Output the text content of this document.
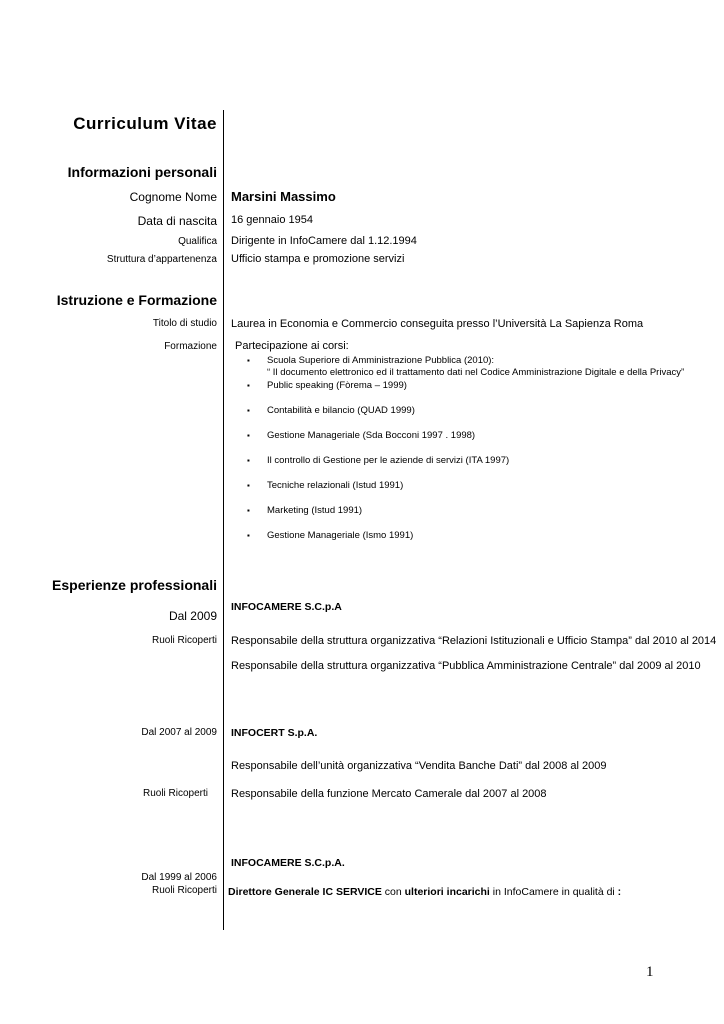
Curriculum Vitae
Informazioni personali
Cognome Nome Marsini Massimo
Data di nascita 16 gennaio 1954
Qualifica Dirigente in InfoCamere dal 1.12.1994
Struttura d’appartenenza Ufficio stampa e promozione servizi
Istruzione e Formazione
Titolo di studio Laurea in Economia e Commercio conseguita presso l’Università La Sapienza Roma
Formazione Partecipazione ai corsi:
▪ Scuola Superiore di Amministrazione Pubblica (2010):
“ Il documento elettronico ed il trattamento dati nel Codice Amministrazione Digitale e della Privacy”
▪ Public speaking (Fòrema – 1999)
▪ Contabilità e bilancio (QUAD 1999)
▪ Gestione Manageriale (Sda Bocconi 1997 . 1998)
▪ Il controllo di Gestione per le aziende di servizi (ITA 1997)
▪ Tecniche relazionali (Istud 1991)
▪ Marketing (Istud 1991)
▪ Gestione Manageriale (Ismo 1991)
Esperienze professionali
Dal 2009
INFOCAMERE S.C.p.A
Ruoli Ricoperti Responsabile della struttura organizzativa “Relazioni Istituzionali e Ufficio Stampa” dal 2010 al 2014
Responsabile della struttura organizzativa “Pubblica Amministrazione Centrale” dal 2009 al 2010
Dal 2007 al 2009 INFOCERT S.p.A.
Responsabile dell’unità organizzativa “Vendita Banche Dati” dal 2008 al 2009
Ruoli Ricoperti Responsabile della funzione Mercato Camerale dal 2007 al 2008
INFOCAMERE S.C.p.A.
Dal 1999 al 2006
Ruoli Ricoperti Direttore Generale IC SERVICE con ulteriori incarichi in InfoCamere in qualità di :
1
